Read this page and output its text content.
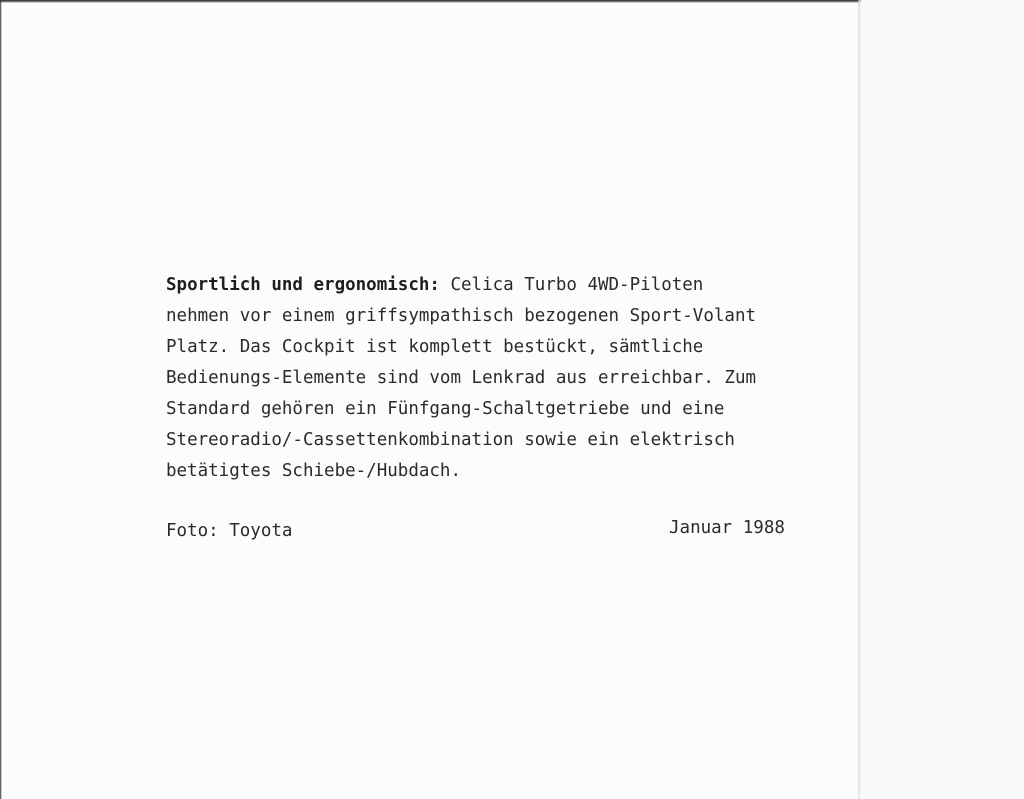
Sportlich und ergonomisch: Celica Turbo 4WD-Piloten
nehmen vor einem griffsympathisch bezogenen Sport-Volant
Platz. Das Cockpit ist komplett bestückt, sämtliche
Bedienungs-Elemente sind vom Lenkrad aus erreichbar. Zum
Standard gehören ein Fünfgang-Schaltgetriebe und eine
Stereoradio/-Cassettenkombination sowie ein elektrisch
betätigtes Schiebe-/Hubdach.

Foto: Toyota	Januar 1988
